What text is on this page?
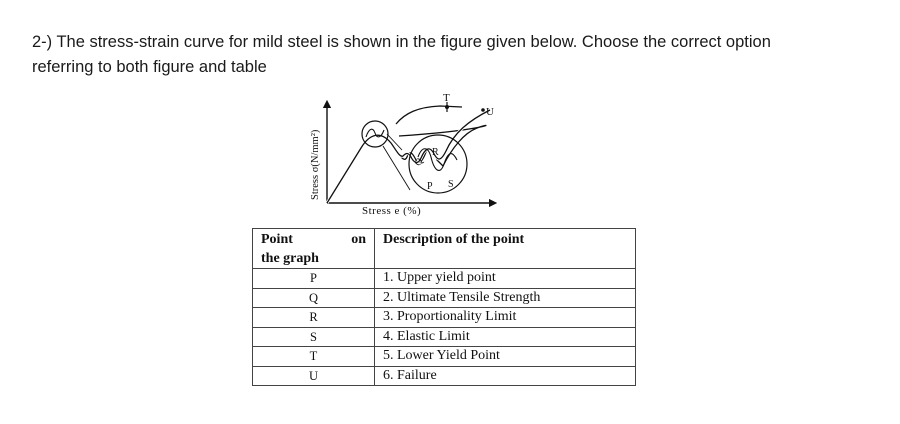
2-) The stress-strain curve for mild steel is shown in the figure given below. Choose the correct option
referring to both figure and table
Stress σ(N/mm²)
Stress e (%)
T
U
R
Q
P S
Point on
the graph	Description of the point
P	1. Upper yield point
Q	2. Ultimate Tensile Strength
R	3. Proportionality Limit
S	4. Elastic Limit
T	5. Lower Yield Point
U	6. Failure
